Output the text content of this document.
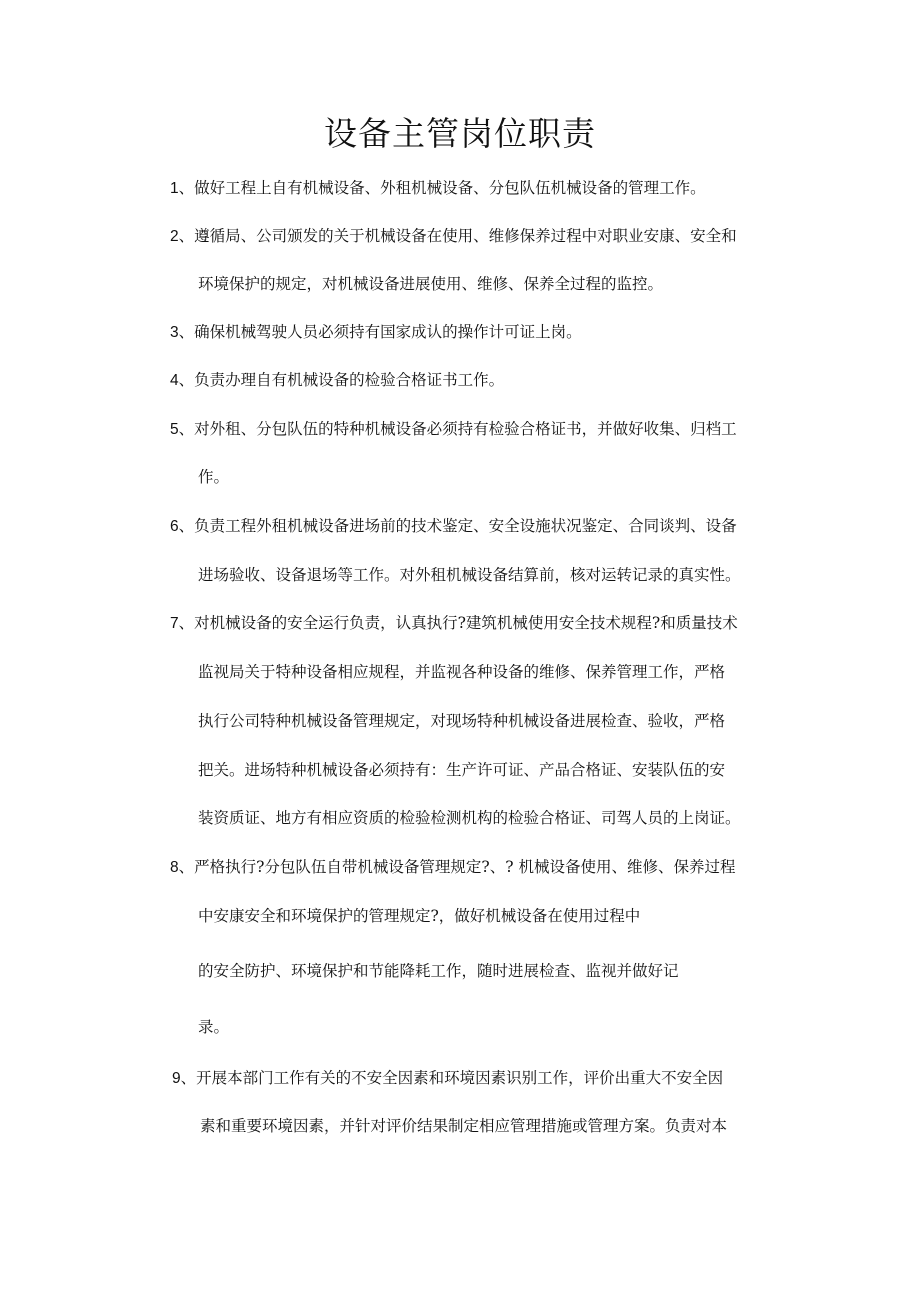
设备主管岗位职责
1、做好工程上自有机械设备、外租机械设备、分包队伍机械设备的管理工作。
2、遵循局、公司颁发的关于机械设备在使用、维修保养过程中对职业安康、安全和
环境保护的规定，对机械设备进展使用、维修、保养全过程的监控。
3、确保机械驾驶人员必须持有国家成认的操作计可证上岗。
4、负责办理自有机械设备的检验合格证书工作。
5、对外租、分包队伍的特种机械设备必须持有检验合格证书，并做好收集、归档工
作。
6、负责工程外租机械设备进场前的技术鉴定、安全设施状况鉴定、合同谈判、设备
进场验收、设备退场等工作。对外租机械设备结算前，核对运转记录的真实性。
7、对机械设备的安全运行负责，认真执行?建筑机械使用安全技术规程?和质量技术
监视局关于特种设备相应规程，并监视各种设备的维修、保养管理工作，严格
执行公司特种机械设备管理规定，对现场特种机械设备进展检查、验收，严格
把关。进场特种机械设备必须持有：生产许可证、产品合格证、安装队伍的安
装资质证、地方有相应资质的检验检测机构的检验合格证、司驾人员的上岗证。
8、严格执行?分包队伍自带机械设备管理规定?、? 机械设备使用、维修、保养过程
中安康安全和环境保护的管理规定?，做好机械设备在使用过程中
的安全防护、环境保护和节能降耗工作，随时进展检查、监视并做好记
录。
9、开展本部门工作有关的不安全因素和环境因素识别工作，评价出重大不安全因
素和重要环境因素，并针对评价结果制定相应管理措施或管理方案。负责对本
